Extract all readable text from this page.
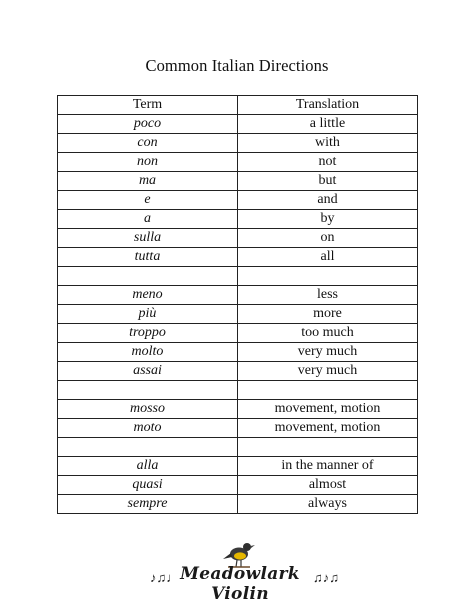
Common Italian Directions
Term	Translation
poco	a little
con	with
non	not
ma	but
e	and
a	by
sulla	on
tutta	all

meno	less
più	more
troppo	too much
molto	very much
assai	very much

mosso	movement, motion
moto	movement, motion

alla	in the manner of
quasi	almost
sempre	always
♪♫♩ Meadowlark Violin
♫♪♫
